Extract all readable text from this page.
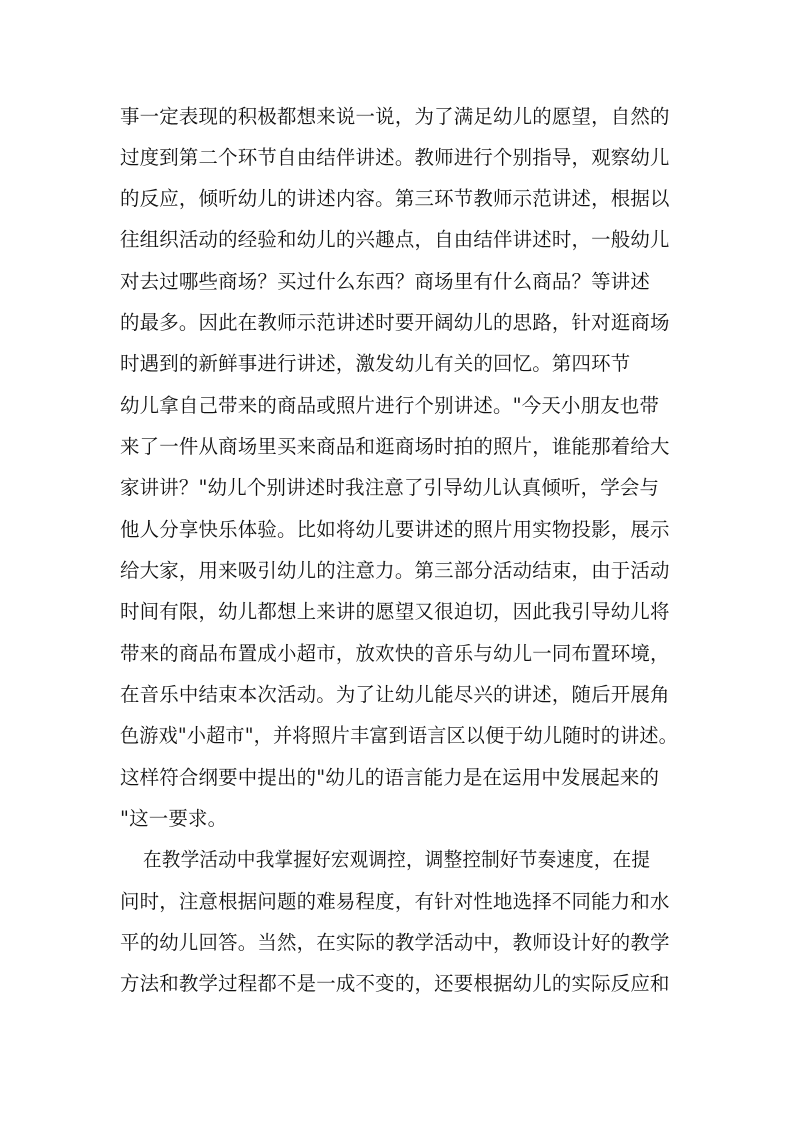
事一定表现的积极都想来说一说，为了满足幼儿的愿望，自然的
过度到第二个环节自由结伴讲述。教师进行个别指导，观察幼儿
的反应，倾听幼儿的讲述内容。第三环节教师示范讲述，根据以
往组织活动的经验和幼儿的兴趣点，自由结伴讲述时，一般幼儿
对去过哪些商场？买过什么东西？商场里有什么商品？等讲述
的最多。因此在教师示范讲述时要开阔幼儿的思路，针对逛商场
时遇到的新鲜事进行讲述，激发幼儿有关的回忆。第四环节
幼儿拿自己带来的商品或照片进行个别讲述。"今天小朋友也带
来了一件从商场里买来商品和逛商场时拍的照片，谁能那着给大
家讲讲？"幼儿个别讲述时我注意了引导幼儿认真倾听，学会与
他人分享快乐体验。比如将幼儿要讲述的照片用实物投影，展示
给大家，用来吸引幼儿的注意力。第三部分活动结束，由于活动
时间有限，幼儿都想上来讲的愿望又很迫切，因此我引导幼儿将
带来的商品布置成小超市，放欢快的音乐与幼儿一同布置环境，
在音乐中结束本次活动。为了让幼儿能尽兴的讲述，随后开展角
色游戏"小超市"，并将照片丰富到语言区以便于幼儿随时的讲述。
这样符合纲要中提出的"幼儿的语言能力是在运用中发展起来的
"这一要求。
在教学活动中我掌握好宏观调控，调整控制好节奏速度，在提
问时，注意根据问题的难易程度，有针对性地选择不同能力和水
平的幼儿回答。当然，在实际的教学活动中，教师设计好的教学
方法和教学过程都不是一成不变的，还要根据幼儿的实际反应和
